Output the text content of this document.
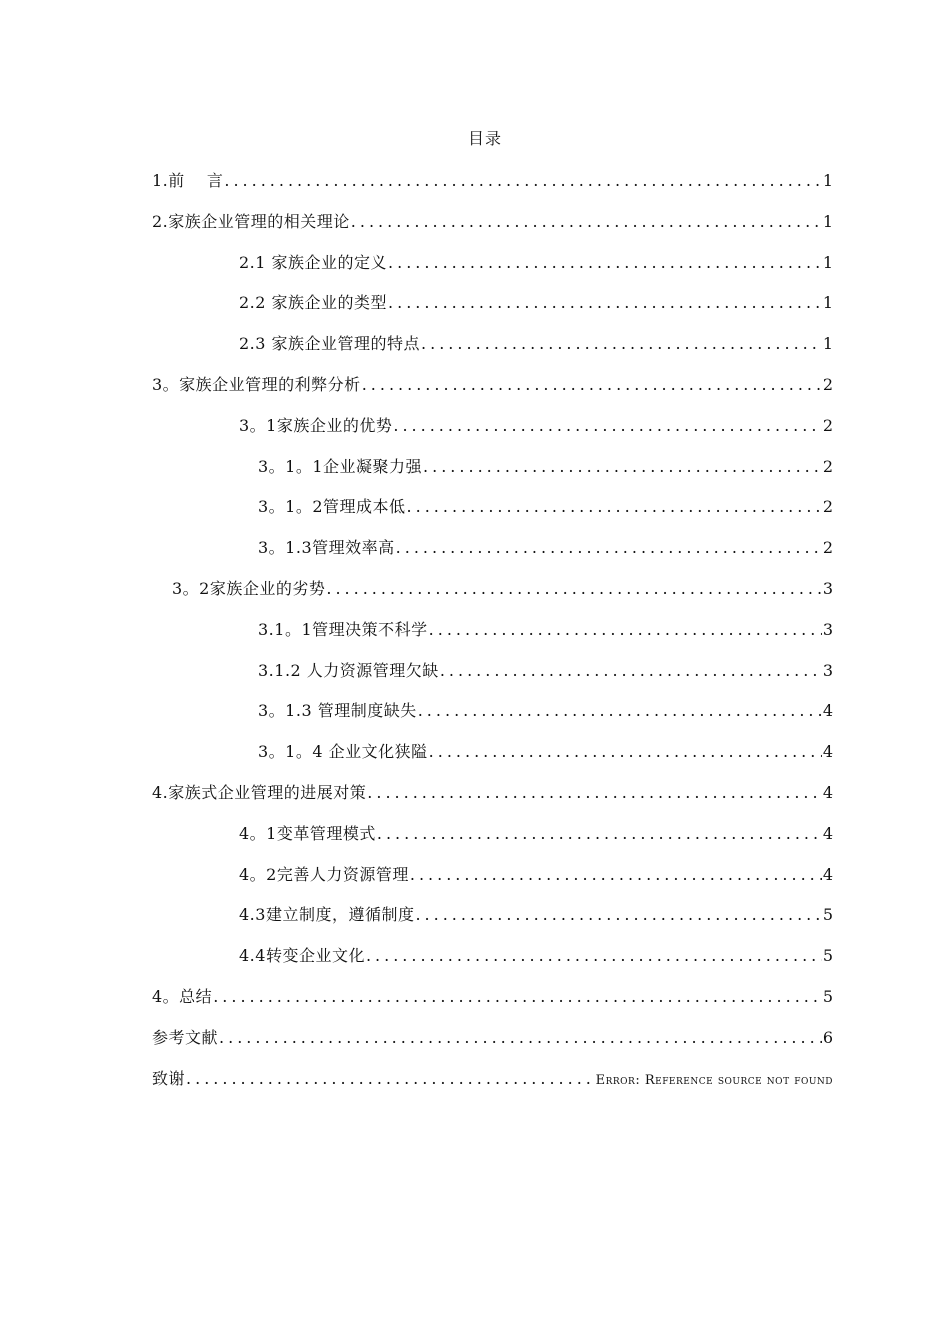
目录
1.前　 言 .....	1
2.家族企业管理的相关理论 .....	1
2.1 家族企业的定义 .....	1
2.2 家族企业的类型 .....	1
2.3 家族企业管理的特点 .....	1
3。家族企业管理的利弊分析 .....	2
3。1家族企业的优势 .....	2
3。1。1企业凝聚力强 .....	2
3。1。2管理成本低 .....	2
3。1.3管理效率高 .....	2
3。2家族企业的劣势 .....	3
3.1。1管理决策不科学 .....	3
3.1.2 人力资源管理欠缺 .....	3
3。1.3 管理制度缺失 .....	4
3。1。4 企业文化狭隘 .....	4
4.家族式企业管理的进展对策 .....	4
4。1变革管理模式 .....	4
4。2完善人力资源管理 .....	4
4.3建立制度，遵循制度 .....	5
4.4转变企业文化 .....	5
4。总结 .....	5
参考文献 .....	6
致谢 .....	Error: Reference source not found
